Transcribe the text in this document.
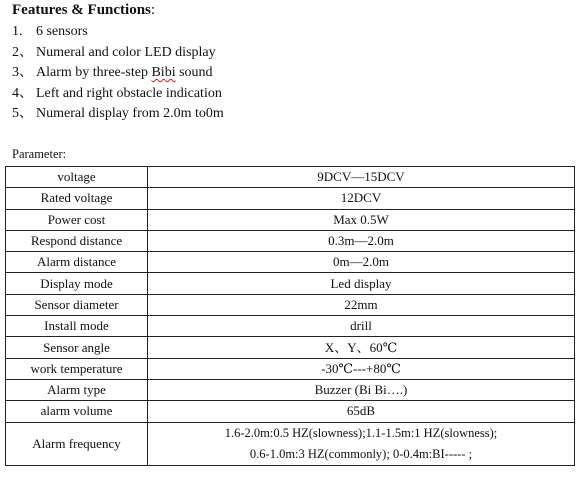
Features & Functions:
1. 6 sensors
2、 Numeral and color LED display
3、 Alarm by three-step Bibi sound
4、 Left and right obstacle indication
5、 Numeral display from 2.0m to0m
Parameter:
voltage	9DCV—15DCV
Rated voltage	12DCV
Power cost	Max 0.5W
Respond distance	0.3m—2.0m
Alarm distance	0m—2.0m
Display mode	Led display
Sensor diameter	22mm
Install mode	drill
Sensor angle	X、Y、60℃
work temperature	-30℃---+80℃
Alarm type	Buzzer (Bi Bi….)
alarm volume	65dB
Alarm frequency	1.6-2.0m:0.5 HZ(slowness);1.1-1.5m:1 HZ(slowness);
0.6-1.0m:3 HZ(commonly); 0-0.4m:BI----- ;
